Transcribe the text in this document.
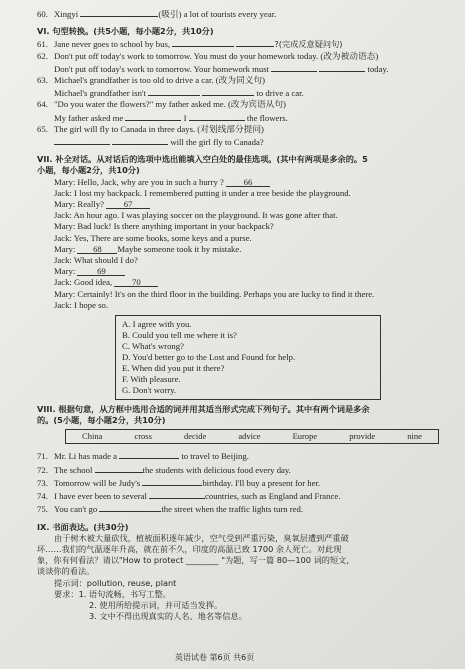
60. Xingyi	(吸引) a lot of tourists every year.
VI. 句型转换。(共5小题，每小题2分，共10分)
61. Jane never goes to school by bus,	?(完成反意疑问句)
62. Don't put off today's work to tomorrow. You must do your homework today. (改为被动语态)
Don't put off today's work to tomorrow. Your homework must	today.
63. Michael's grandfather is too old to drive a car. (改为同义句)
Michael's grandfather isn't	to drive a car.
64. "Do you water the flowers?" my father asked me. (改为宾语从句)
My father asked me	I	the flowers.
65. The girl will fly to Canada in three days. (对划线部分提问)
will the girl fly to Canada?
VII. 补全对话。从对话后的选项中选出能填入空白处的最佳选项。(其中有两项是多余的。5
小题，每小题2分，共10分)
Mary: Hello, Jack, why are you in such a hurry ? 66
Jack: I lost my backpack. I remembered putting it under a tree beside the playground.
Mary: Really? 67
Jack: An hour ago. I was playing soccer on the playground. It was gone after that.
Mary: Bad luck! Is there anything important in your backpack?
Jack: Yes, There are some books, some keys and a purse.
Mary: 68 Maybe someone took it by mistake.
Jack: What should I do?
Mary:	69
Jack: Good idea, 70
Mary: Certainly! It's on the third floor in the building. Perhaps you are lucky to find it there.
Jack: I hope so.
A. I agree with you.
B. Could you tell me where it is?
C. What's wrong?
D. You'd better go to the Lost and Found for help.
E. When did you put it there?
F. With pleasure.
G. Don't worry.
VIII. 根据句意，从方框中选用合适的词并用其适当形式完成下列句子。其中有两个词是多余
的。(5小题，每小题2分，共10分)
China	cross	decide	advice	Europe	provide	nine
71. Mr. Li has made a	to travel to Beijing.
72. The school	the students with delicious food every day.
73. Tomorrow will be Judy's	birthday. I'll buy a present for her.
74. I have ever been to several	countries, such as England and France.
75. You can't go	the street when the traffic lights turn red.
IX. 书面表达。(共30分)
由于树木被大量砍伐，植被面积逐年减少，空气受到严重污染，臭氧层遭到严重破
坏……我们的气温逐年升高，就在前不久，印度的高温已致 1700 余人死亡。对此现
象，你有何看法？请以"How to protect ________ "为题，写一篇 80—100 词的短文，
谈谈你的看法。
提示词：pollution, reuse, plant
要求：1. 语句流畅，书写工整。
2. 使用所给提示词，并可适当发挥。
3. 文中不得出现真实的人名、地名等信息。
英语试卷 第6页 共6页
